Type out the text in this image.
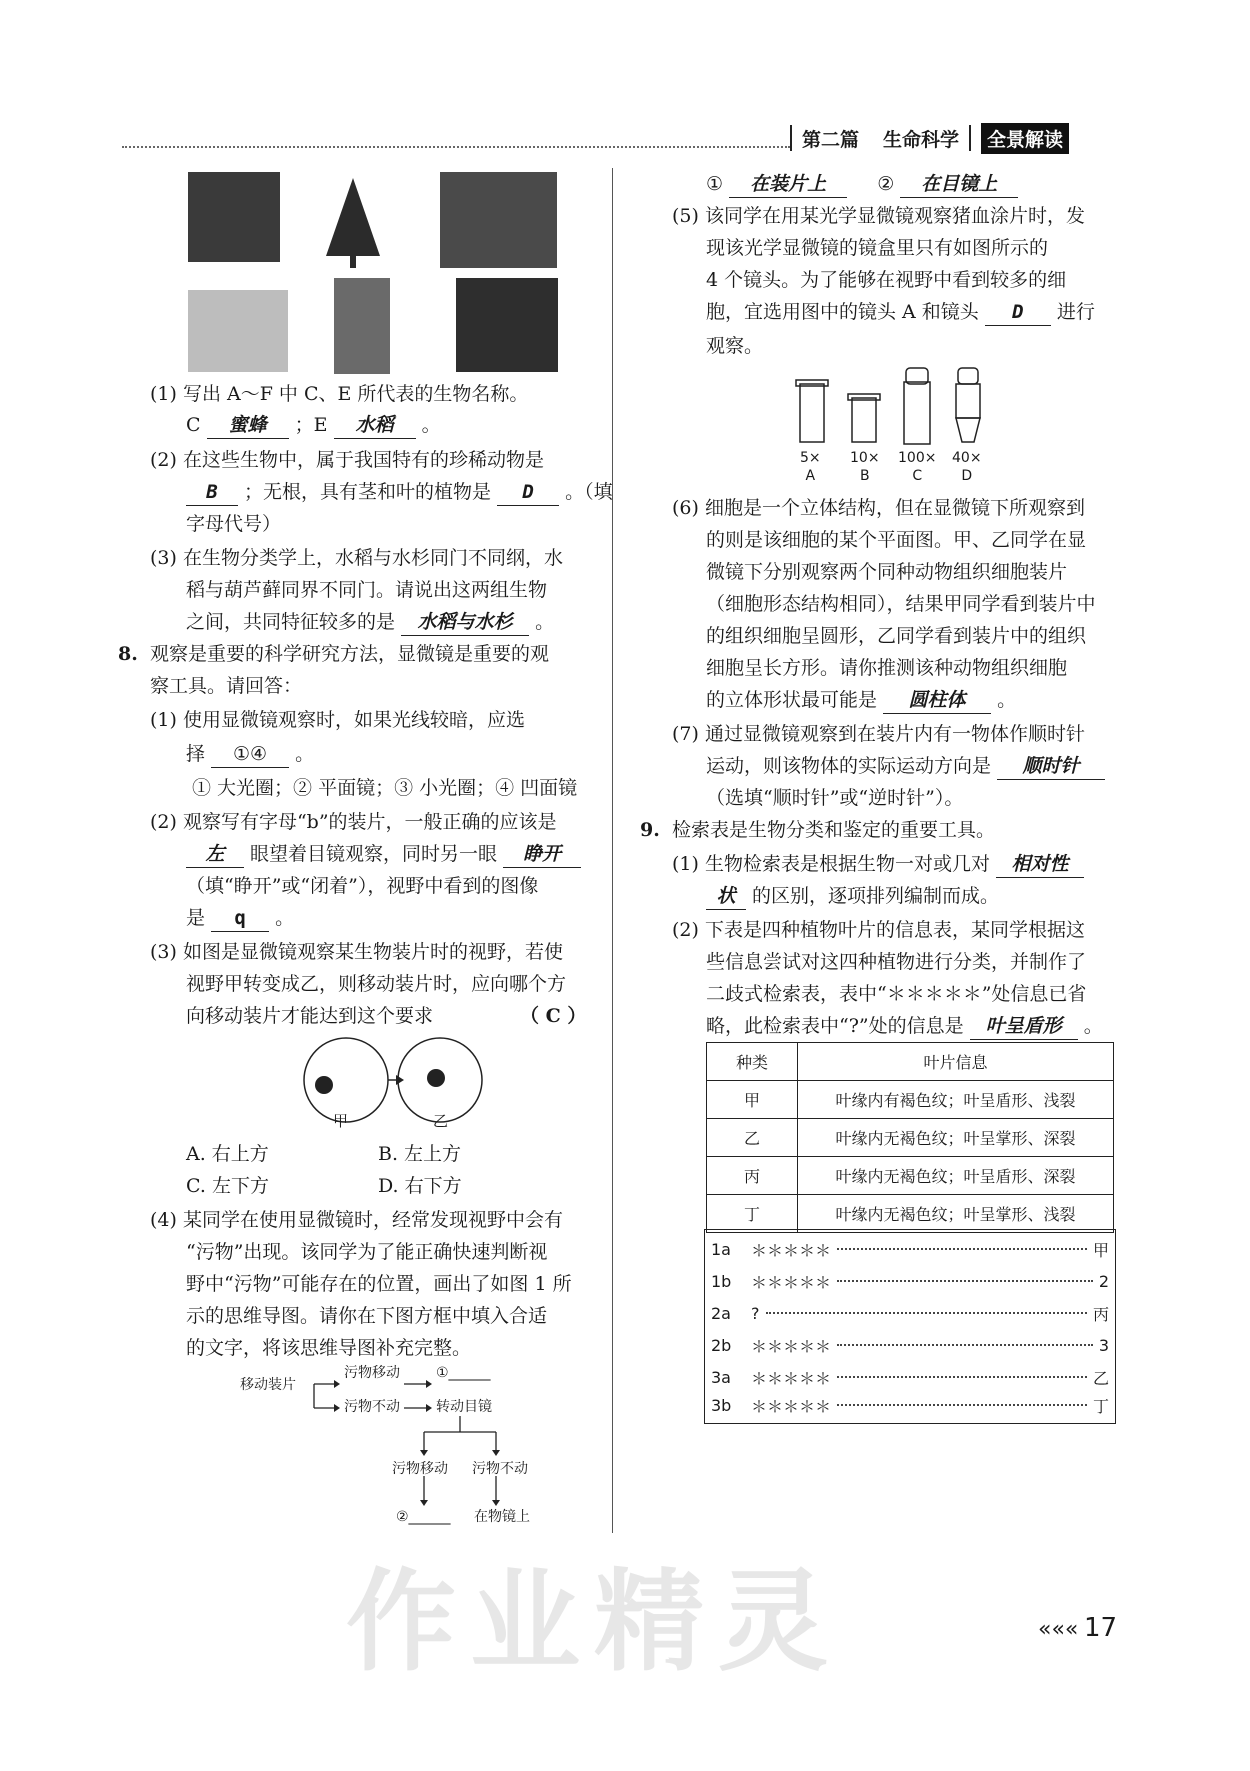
第二篇 生命科学	全景解读
(1) 写出 A～F 中 C、E 所代表的生物名称。
C 蜜蜂 ；E 水稻 。
(2) 在这些生物中，属于我国特有的珍稀动物是
B ；无根，具有茎和叶的植物是 D 。（填
字母代号）
(3) 在生物分类学上，水稻与水杉同门不同纲，水
稻与葫芦藓同界不同门。请说出这两组生物
之间，共同特征较多的是 水稻与水杉 。
8. 观察是重要的科学研究方法，显微镜是重要的观
察工具。请回答：
(1) 使用显微镜观察时，如果光线较暗，应选
择 ①④ 。
① 大光圈；② 平面镜；③ 小光圈；④ 凹面镜
(2) 观察写有字母“b”的装片，一般正确的应该是
左 眼望着目镜观察，同时另一眼 睁开
（填“睁开”或“闭着”），视野中看到的图像
是 q 。
(3) 如图是显微镜观察某生物装片时的视野，若使
视野甲转变成乙，则移动装片时，应向哪个方
向移动装片才能达到这个要求	（ C ）
甲	乙
A. 右上方	B. 左上方
C. 左下方	D. 右下方
(4) 某同学在使用显微镜时，经常发现视野中会有
“污物”出现。该同学为了能正确快速判断视
野中“污物”可能存在的位置，画出了如图 1 所
示的思维导图。请你在下图方框中填入合适
的文字，将该思维导图补充完整。
移动装片
污物移动	①______
污物不动	转动目镜
污物移动 污物不动
②______ 在物镜上
① 在装片上	② 在目镜上
(5) 该同学在用某光学显微镜观察猪血涂片时，发
现该光学显微镜的镜盒里只有如图所示的
4 个镜头。为了能够在视野中看到较多的细
胞，宜选用图中的镜头 A 和镜头 D 进行
观察。
5×
A
10×
B
100×
C
40×
D
(6) 细胞是一个立体结构，但在显微镜下所观察到
的则是该细胞的某个平面图。甲、乙同学在显
微镜下分别观察两个同种动物组织细胞装片
（细胞形态结构相同），结果甲同学看到装片中
的组织细胞呈圆形，乙同学看到装片中的组织
细胞呈长方形。请你推测该种动物组织细胞
的立体形状最可能是 圆柱体 。
(7) 通过显微镜观察到在装片内有一物体作顺时针
运动，则该物体的实际运动方向是 顺时针
（选填“顺时针”或“逆时针”）。
9. 检索表是生物分类和鉴定的重要工具。
(1) 生物检索表是根据生物一对或几对 相对性
状 的区别，逐项排列编制而成。
(2) 下表是四种植物叶片的信息表，某同学根据这
些信息尝试对这四种植物进行分类，并制作了
二歧式检索表，表中“＊＊＊＊＊”处信息已省
略，此检索表中“?”处的信息是 叶呈盾形 。
种类	叶片信息
甲	叶缘内有褐色纹；叶呈盾形、浅裂
乙	叶缘内无褐色纹；叶呈掌形、深裂
丙	叶缘内无褐色纹；叶呈盾形、深裂
丁	叶缘内无褐色纹；叶呈掌形、浅裂
1a	＊＊＊＊＊	甲
1b	＊＊＊＊＊	2
2a	?	丙
2b	＊＊＊＊＊	3
3a	＊＊＊＊＊	乙
3b	＊＊＊＊＊	丁
作业精灵	««« 17
